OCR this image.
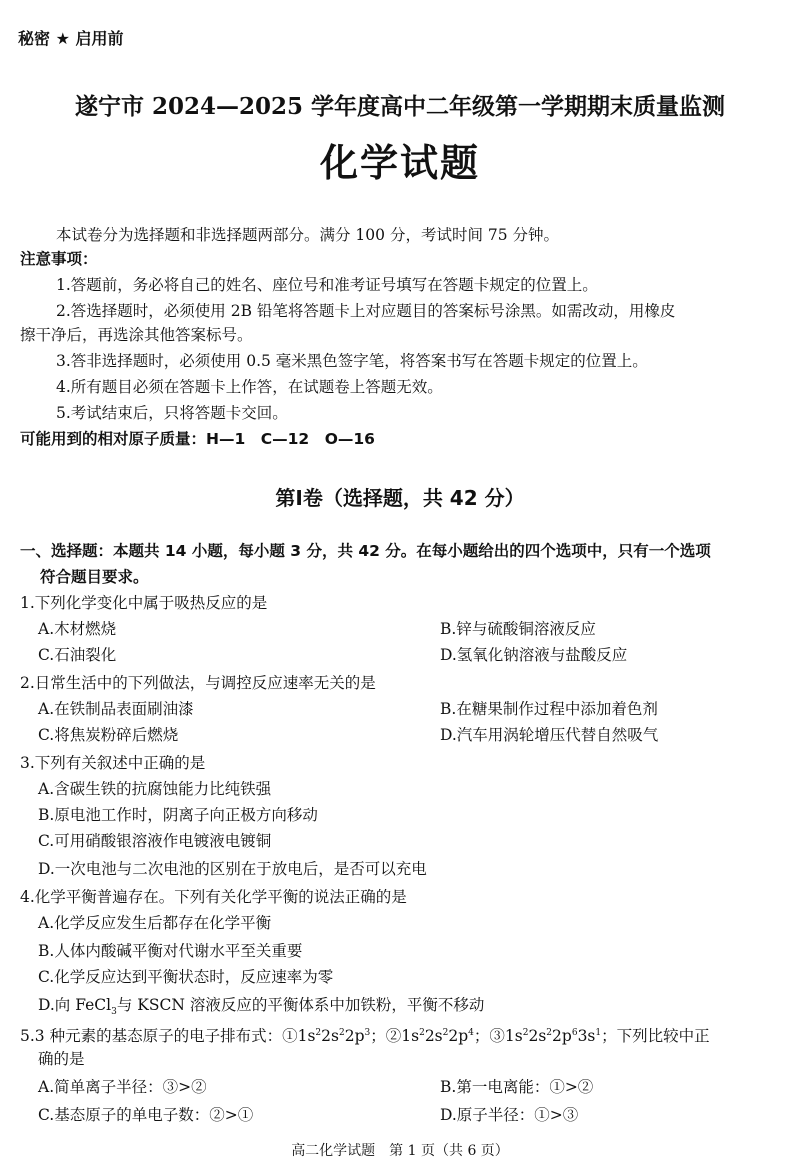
秘密 ★ 启用前
遂宁市 2024—2025 学年度高中二年级第一学期期末质量监测
化学试题
本试卷分为选择题和非选择题两部分。满分 100 分，考试时间 75 分钟。
注意事项：
1.答题前，务必将自己的姓名、座位号和准考证号填写在答题卡规定的位置上。
2.答选择题时，必须使用 2B 铅笔将答题卡上对应题目的答案标号涂黑。如需改动，用橡皮
擦干净后，再选涂其他答案标号。
3.答非选择题时，必须使用 0.5 毫米黑色签字笔，将答案书写在答题卡规定的位置上。
4.所有题目必须在答题卡上作答，在试题卷上答题无效。
5.考试结束后，只将答题卡交回。
可能用到的相对原子质量：H—1　C—12　O—16
第Ⅰ卷（选择题，共 42 分）
一、选择题：本题共 14 小题，每小题 3 分，共 42 分。在每小题给出的四个选项中，只有一个选项
符合题目要求。
1.下列化学变化中属于吸热反应的是
A.木材燃烧	B.锌与硫酸铜溶液反应
C.石油裂化	D.氢氧化钠溶液与盐酸反应
2.日常生活中的下列做法，与调控反应速率无关的是
A.在铁制品表面刷油漆	B.在糖果制作过程中添加着色剂
C.将焦炭粉碎后燃烧	D.汽车用涡轮增压代替自然吸气
3.下列有关叙述中正确的是
A.含碳生铁的抗腐蚀能力比纯铁强
B.原电池工作时，阴离子向正极方向移动
C.可用硝酸银溶液作电镀液电镀铜
D.一次电池与二次电池的区别在于放电后，是否可以充电
4.化学平衡普遍存在。下列有关化学平衡的说法正确的是
A.化学反应发生后都存在化学平衡
B.人体内酸碱平衡对代谢水平至关重要
C.化学反应达到平衡状态时，反应速率为零
D.向 FeCl$_3$与 KSCN 溶液反应的平衡体系中加铁粉，平衡不移动
5.3 种元素的基态原子的电子排布式：$①1s^22s^22p^3$；$②1s^22s^22p^4$；$③1s^22s^22p^63s^1$；下列比较中正
确的是
A.简单离子半径：③>②	B.第一电离能：①>②
C.基态原子的单电子数：②>①	D.原子半径：①>③
高二化学试题　第 1 页（共 6 页）
